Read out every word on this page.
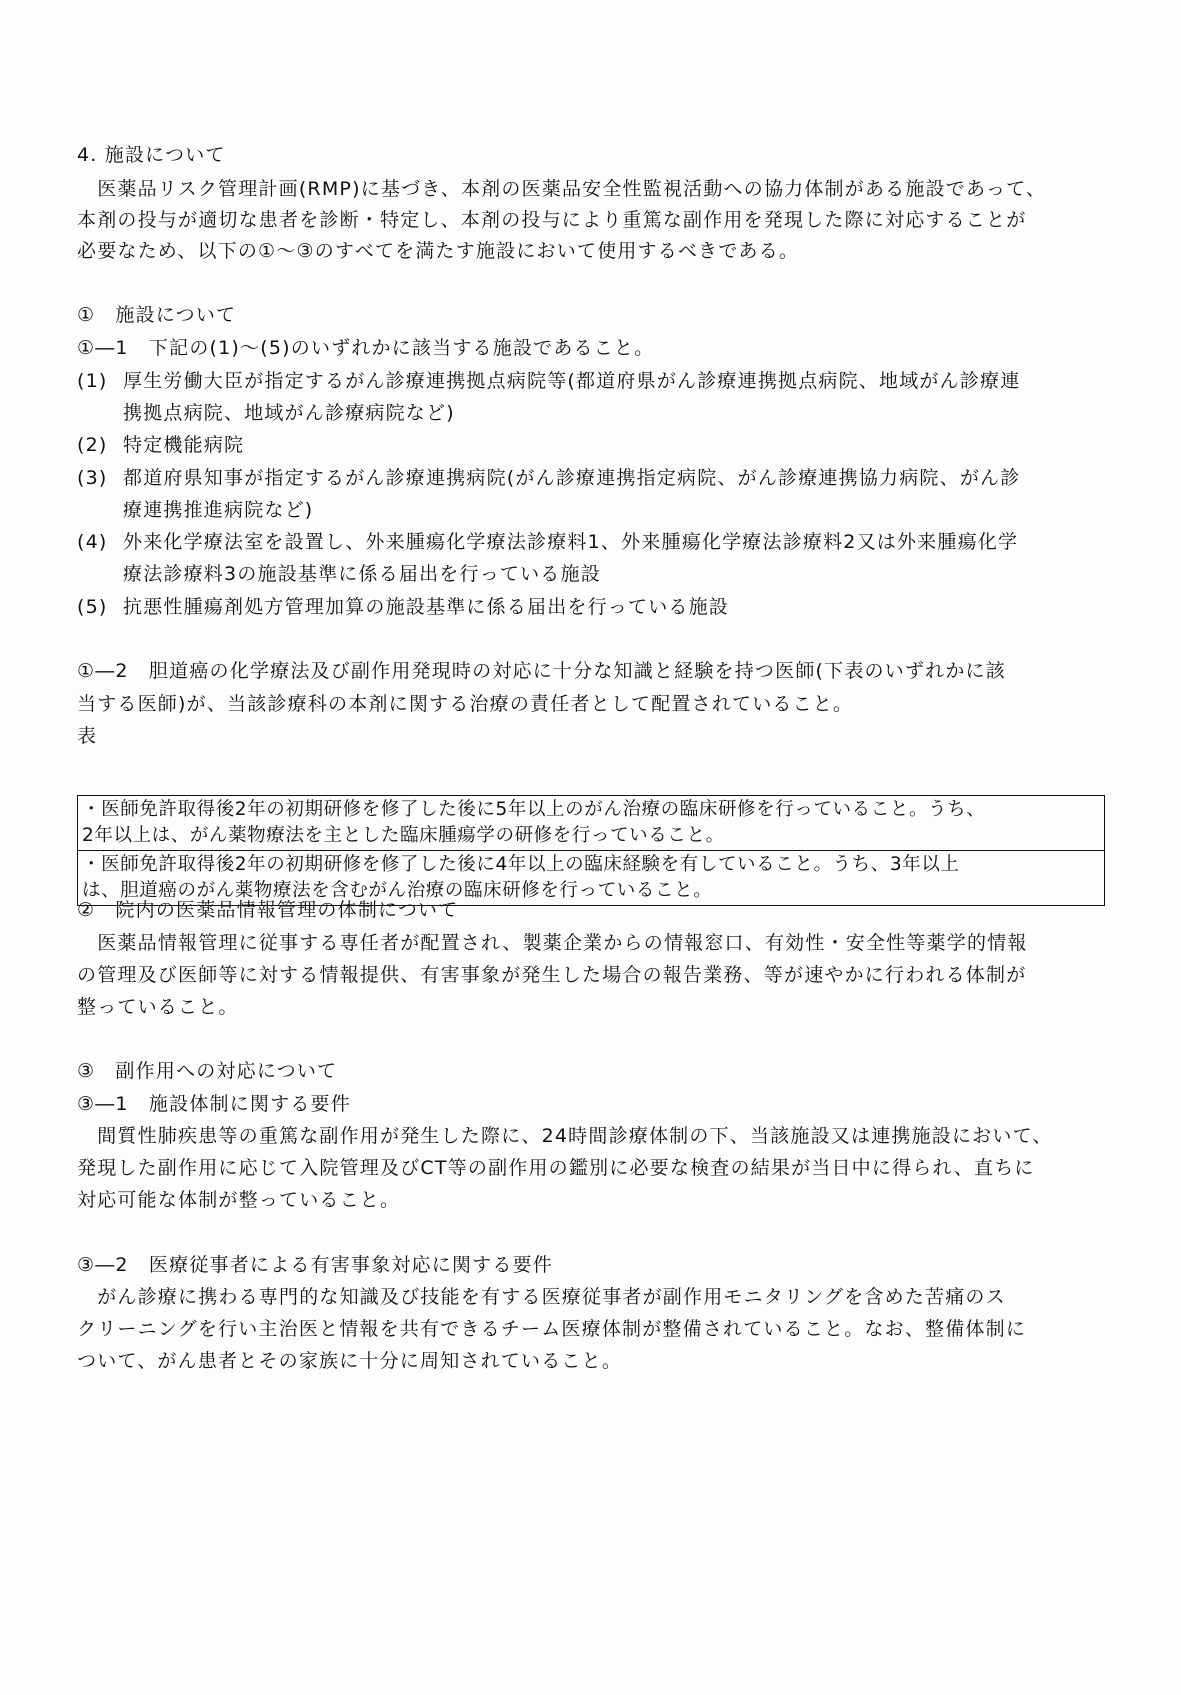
4. 施設について
　医薬品リスク管理計画(RMP)に基づき、本剤の医薬品安全性監視活動への協力体制がある施設であって、
本剤の投与が適切な患者を診断・特定し、本剤の投与により重篤な副作用を発現した際に対応することが
必要なため、以下の①～③のすべてを満たす施設において使用するべきである。
①　施設について
①―1　下記の(1)～(5)のいずれかに該当する施設であること。
(1) 厚生労働大臣が指定するがん診療連携拠点病院等(都道府県がん診療連携拠点病院、地域がん診療連
携拠点病院、地域がん診療病院など)
(2) 特定機能病院
(3) 都道府県知事が指定するがん診療連携病院(がん診療連携指定病院、がん診療連携協力病院、がん診
療連携推進病院など)
(4) 外来化学療法室を設置し、外来腫瘍化学療法診療料1、外来腫瘍化学療法診療料2又は外来腫瘍化学
療法診療料3の施設基準に係る届出を行っている施設
(5) 抗悪性腫瘍剤処方管理加算の施設基準に係る届出を行っている施設
①―2　胆道癌の化学療法及び副作用発現時の対応に十分な知識と経験を持つ医師(下表のいずれかに該
当する医師)が、当該診療科の本剤に関する治療の責任者として配置されていること。
表
・医師免許取得後2年の初期研修を修了した後に5年以上のがん治療の臨床研修を行っていること。うち、
2年以上は、がん薬物療法を主とした臨床腫瘍学の研修を行っていること。
・医師免許取得後2年の初期研修を修了した後に4年以上の臨床経験を有していること。うち、3年以上
は、胆道癌のがん薬物療法を含むがん治療の臨床研修を行っていること。
②　院内の医薬品情報管理の体制について
　医薬品情報管理に従事する専任者が配置され、製薬企業からの情報窓口、有効性・安全性等薬学的情報
の管理及び医師等に対する情報提供、有害事象が発生した場合の報告業務、等が速やかに行われる体制が
整っていること。
③　副作用への対応について
③―1　施設体制に関する要件
　間質性肺疾患等の重篤な副作用が発生した際に、24時間診療体制の下、当該施設又は連携施設において、
発現した副作用に応じて入院管理及びCT等の副作用の鑑別に必要な検査の結果が当日中に得られ、直ちに
対応可能な体制が整っていること。
③―2　医療従事者による有害事象対応に関する要件
　がん診療に携わる専門的な知識及び技能を有する医療従事者が副作用モニタリングを含めた苦痛のス
クリーニングを行い主治医と情報を共有できるチーム医療体制が整備されていること。なお、整備体制に
ついて、がん患者とその家族に十分に周知されていること。
